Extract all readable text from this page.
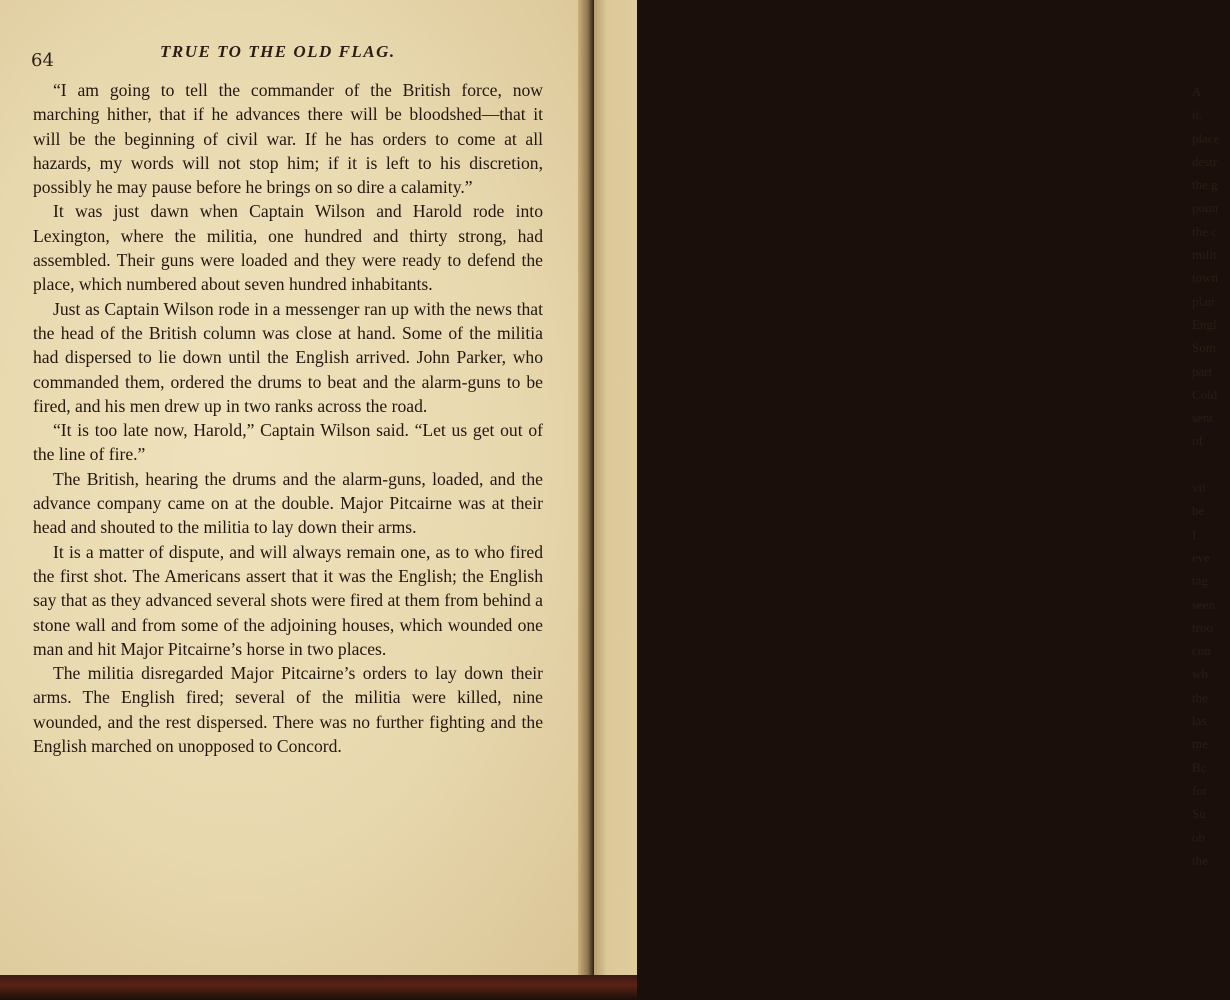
64	TRUE TO THE OLD FLAG.

“I am going to tell the commander of the British force, now marching hither, that if he advances there will be bloodshed—that it will be the beginning of civil war. If he has orders to come at all hazards, my words will not stop him; if it is left to his discretion, possibly he may pause before he brings on so dire a calamity.”

It was just dawn when Captain Wilson and Harold rode into Lexington, where the militia, one hundred and thirty strong, had assembled. Their guns were loaded and they were ready to defend the place, which numbered about seven hundred inhabitants.

Just as Captain Wilson rode in a messenger ran up with the news that the head of the British column was close at hand. Some of the militia had dispersed to lie down until the English arrived. John Parker, who commanded them, ordered the drums to beat and the alarm-guns to be fired, and his men drew up in two ranks across the road.

“It is too late now, Harold,” Captain Wilson said. “Let us get out of the line of fire.”

The British, hearing the drums and the alarm-guns, loaded, and the advance company came on at the double. Major Pitcairne was at their head and shouted to the militia to lay down their arms.

It is a matter of dispute, and will always remain one, as to who fired the first shot. The Americans assert that it was the English; the English say that as they advanced several shots were fired at them from behind a stone wall and from some of the adjoining houses, which wounded one man and hit Major Pitcairne’s horse in two places.

The militia disregarded Major Pitcairne’s orders to lay down their arms. The English fired; several of the militia were killed, nine wounded, and the rest dispersed. There was no further fighting and the English marched on unopposed to Concord.

A
it.
place
destr
the g
poun
the c
milit
town
plan
Engl
Som
part
Cold
sent
of
vil
be
I
eve
tag
seen
troo
con
wh
the
las
me
Bc
for
Su
ob
the
